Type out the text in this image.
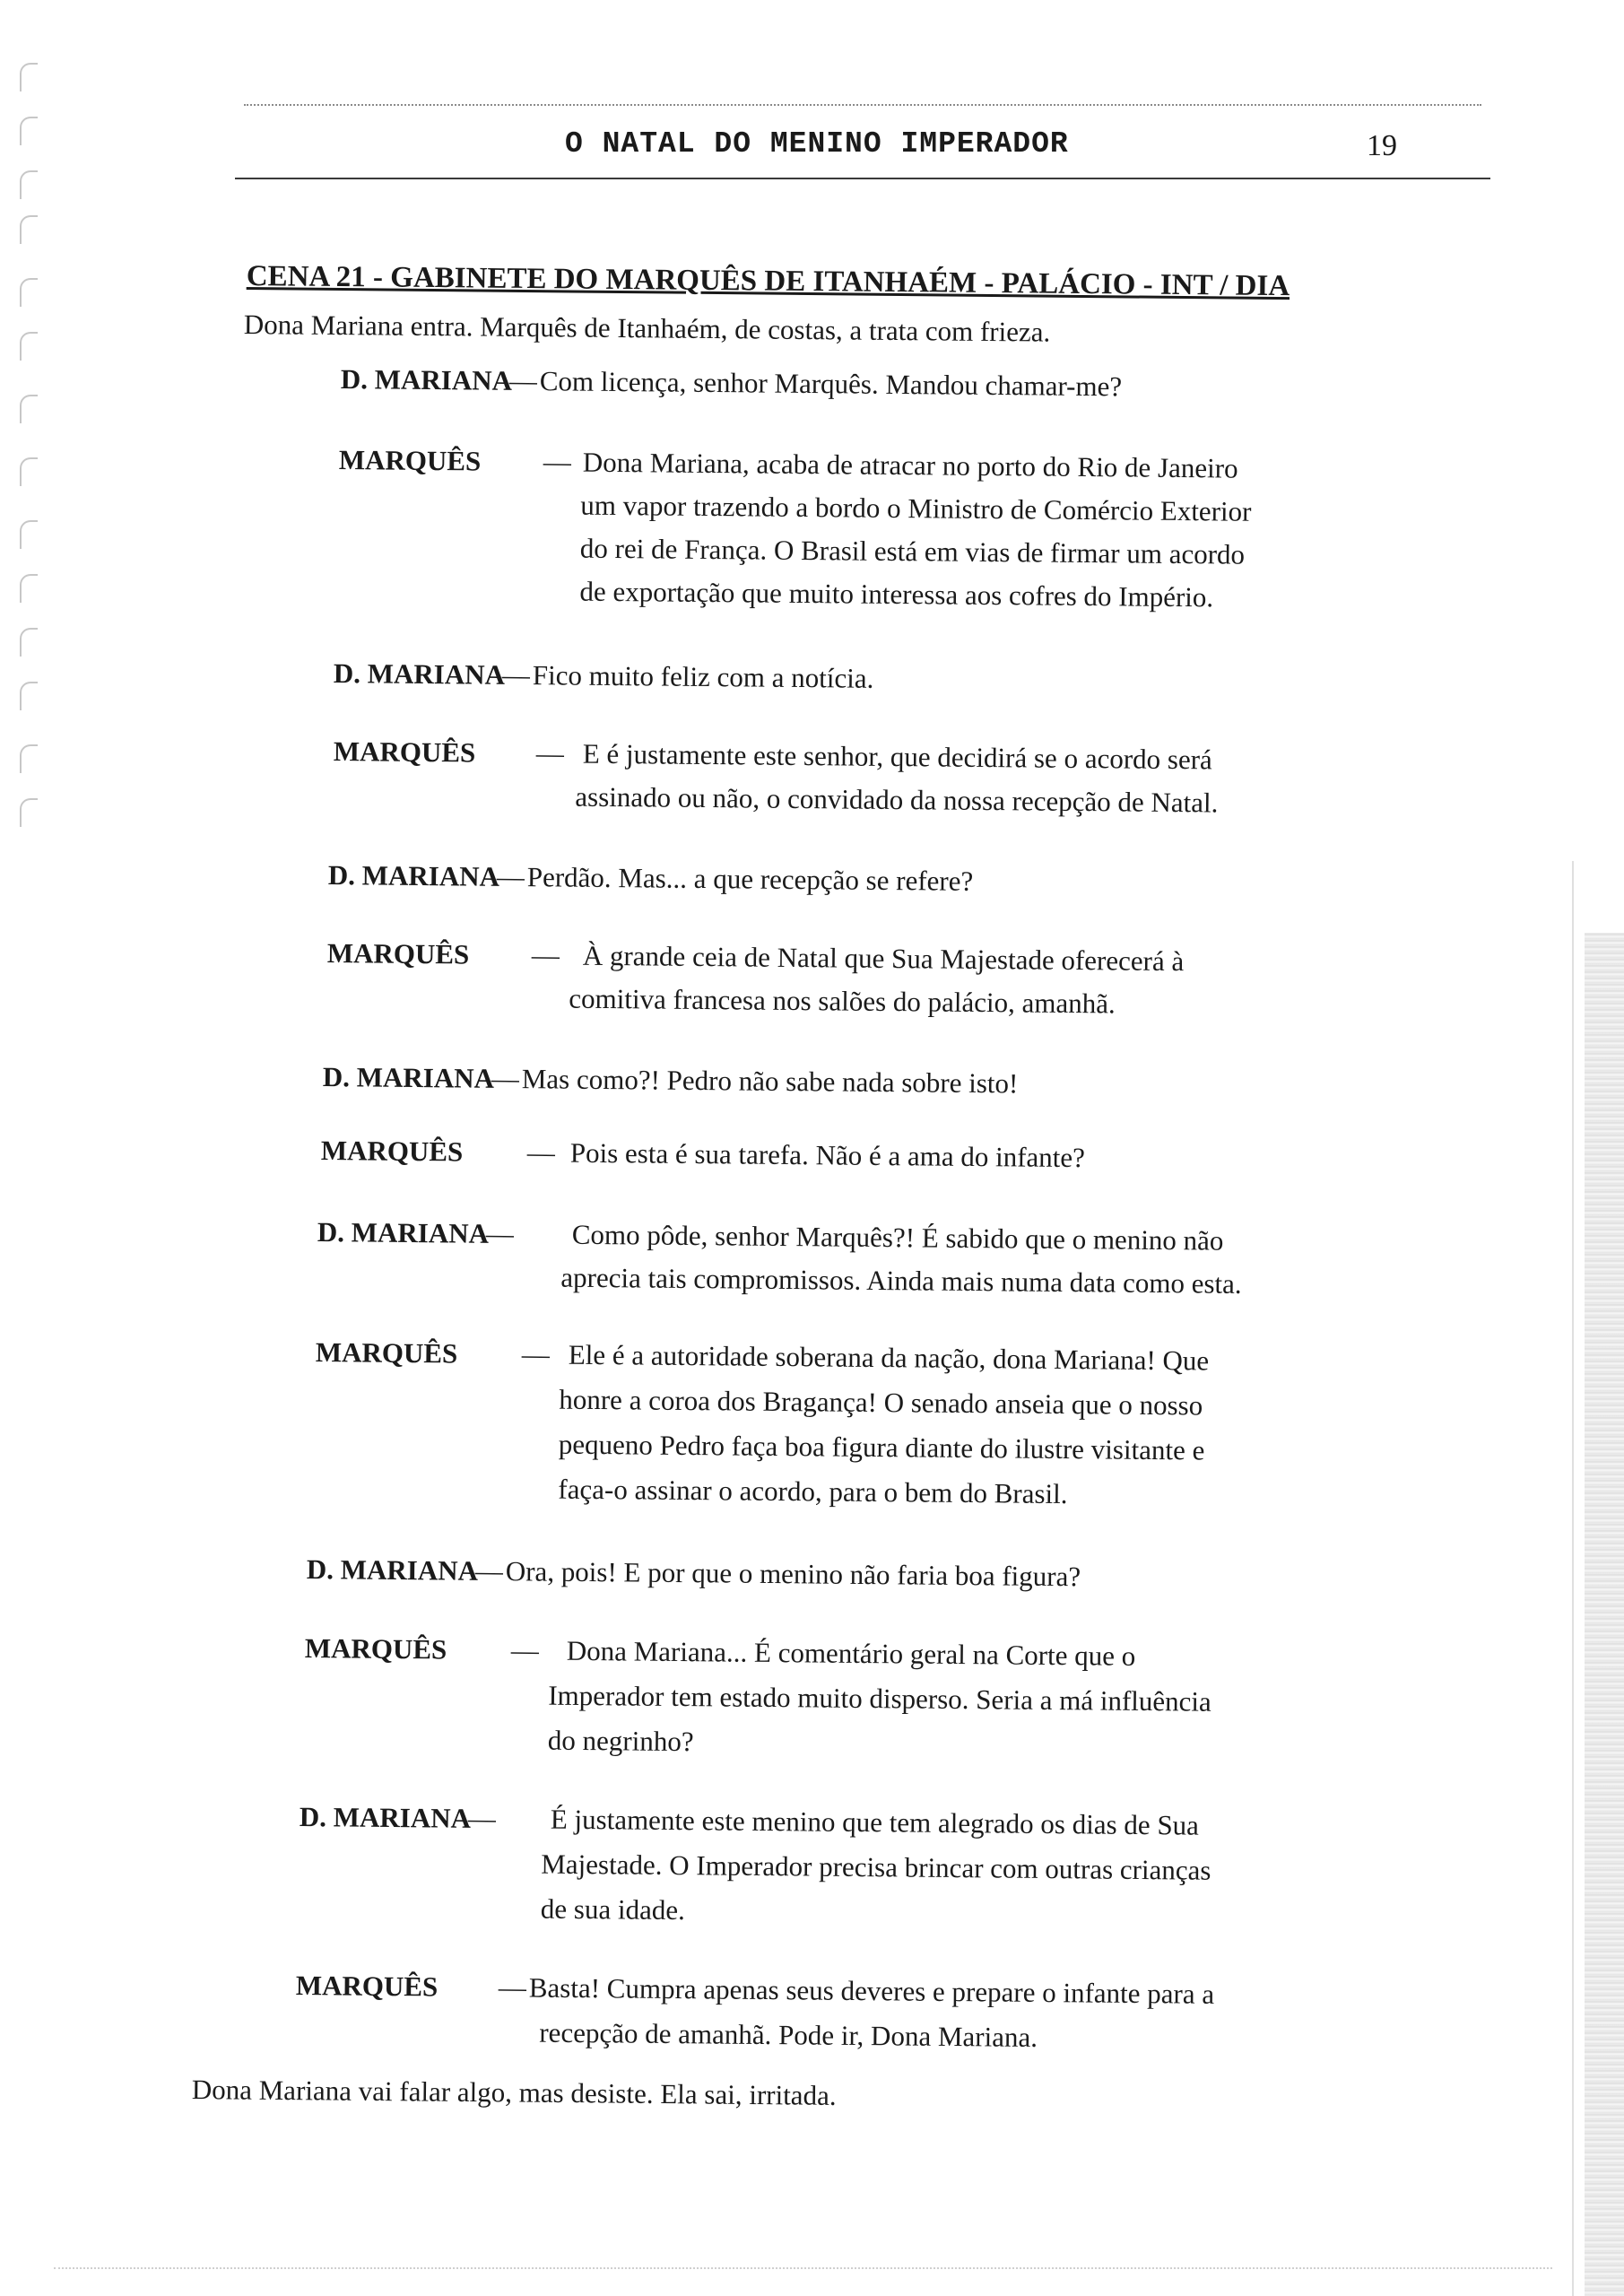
O NATAL DO MENINO IMPERADOR	19
CENA 21 - GABINETE DO MARQUÊS DE ITANHAÉM - PALÁCIO - INT / DIA
Dona Mariana entra. Marquês de Itanhaém, de costas, a trata com frieza.
D. MARIANA
— Com licença, senhor Marquês. Mandou chamar-me?
MARQUÊS — Dona Mariana, acaba de atracar no porto do Rio de Janeiro
um vapor trazendo a bordo o Ministro de Comércio Exterior
do rei de França. O Brasil está em vias de firmar um acordo
de exportação que muito interessa aos cofres do Império.
D. MARIANA
— Fico muito feliz com a notícia.
MARQUÊS — E é justamente este senhor, que decidirá se o acordo será
assinado ou não, o convidado da nossa recepção de Natal.
D. MARIANA
— Perdão. Mas... a que recepção se refere?
MARQUÊS — À grande ceia de Natal que Sua Majestade oferecerá à
comitiva francesa nos salões do palácio, amanhã.
D. MARIANA
— Mas como?! Pedro não sabe nada sobre isto!
MARQUÊS — Pois esta é sua tarefa. Não é a ama do infante?
D. MARIANA
— Como pôde, senhor Marquês?! É sabido que o menino não
aprecia tais compromissos. Ainda mais numa data como esta.
MARQUÊS — Ele é a autoridade soberana da nação, dona Mariana! Que
honre a coroa dos Bragança! O senado anseia que o nosso
pequeno Pedro faça boa figura diante do ilustre visitante e
faça-o assinar o acordo, para o bem do Brasil.
D. MARIANA
— Ora, pois! E por que o menino não faria boa figura?
MARQUÊS — Dona Mariana... É comentário geral na Corte que o
Imperador tem estado muito disperso. Seria a má influência
do negrinho?
D. MARIANA
— É justamente este menino que tem alegrado os dias de Sua
Majestade. O Imperador precisa brincar com outras crianças
de sua idade.
MARQUÊS — Basta! Cumpra apenas seus deveres e prepare o infante para a
recepção de amanhã. Pode ir, Dona Mariana.
Dona Mariana vai falar algo, mas desiste. Ela sai, irritada.
